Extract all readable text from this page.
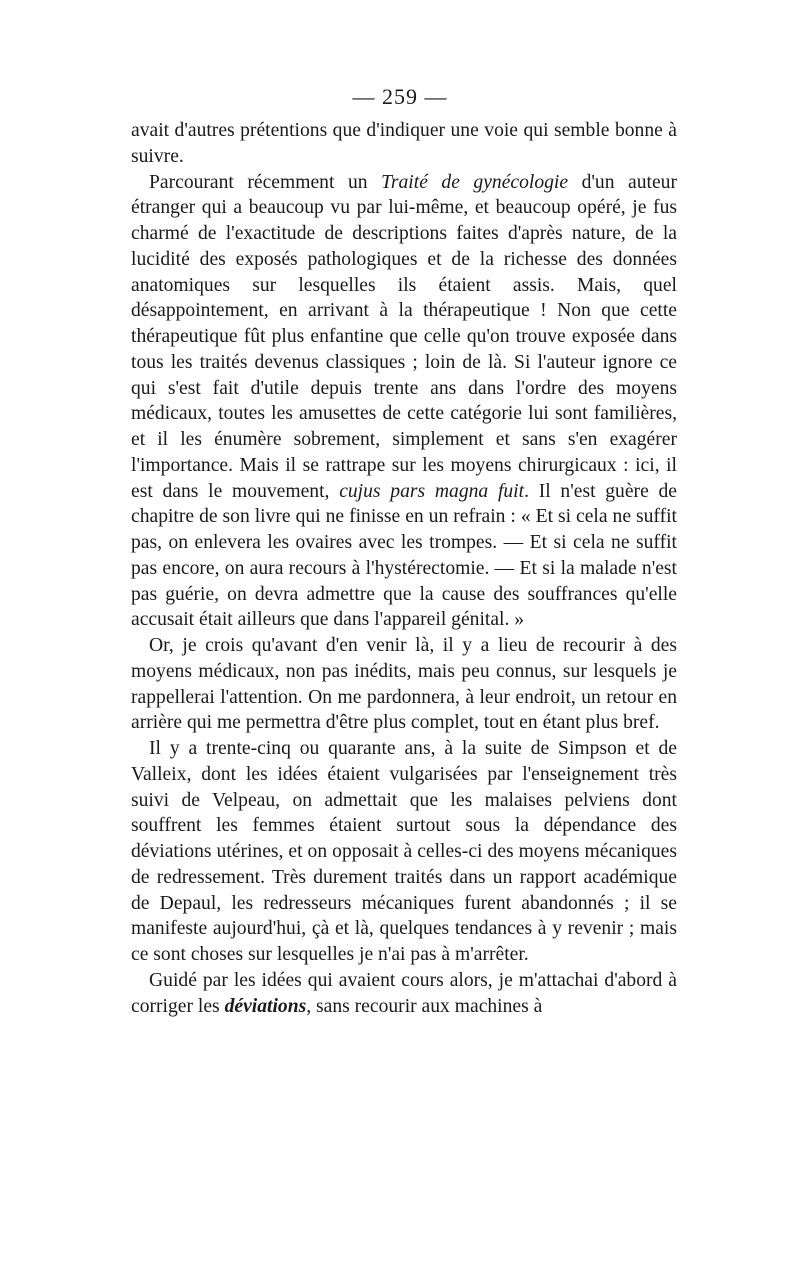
— 259 —

avait d'autres prétentions que d'indiquer une voie qui semble bonne à suivre.

Parcourant récemment un Traité de gynécologie d'un auteur étranger qui a beaucoup vu par lui-même, et beaucoup opéré, je fus charmé de l'exactitude de descriptions faites d'après nature, de la lucidité des exposés pathologiques et de la richesse des données anatomiques sur lesquelles ils étaient assis. Mais, quel désappointement, en arrivant à la thérapeutique ! Non que cette thérapeutique fût plus enfantine que celle qu'on trouve exposée dans tous les traités devenus classiques ; loin de là. Si l'auteur ignore ce qui s'est fait d'utile depuis trente ans dans l'ordre des moyens médicaux, toutes les amusettes de cette catégorie lui sont familières, et il les énumère sobrement, simplement et sans s'en exagérer l'importance. Mais il se rattrape sur les moyens chirurgicaux : ici, il est dans le mouvement, cujus pars magna fuit. Il n'est guère de chapitre de son livre qui ne finisse en un refrain : « Et si cela ne suffit pas, on enlevera les ovaires avec les trompes. — Et si cela ne suffit pas encore, on aura recours à l'hystérectomie. — Et si la malade n'est pas guérie, on devra admettre que la cause des souffrances qu'elle accusait était ailleurs que dans l'appareil génital. »

Or, je crois qu'avant d'en venir là, il y a lieu de recourir à des moyens médicaux, non pas inédits, mais peu connus, sur lesquels je rappellerai l'attention. On me pardonnera, à leur endroit, un retour en arrière qui me permettra d'être plus complet, tout en étant plus bref.

Il y a trente-cinq ou quarante ans, à la suite de Simpson et de Valleix, dont les idées étaient vulgarisées par l'enseignement très suivi de Velpeau, on admettait que les malaises pelviens dont souffrent les femmes étaient surtout sous la dépendance des déviations utérines, et on opposait à celles-ci des moyens mécaniques de redressement. Très durement traités dans un rapport académique de Depaul, les redresseurs mécaniques furent abandonnés ; il se manifeste aujourd'hui, çà et là, quelques tendances à y revenir ; mais ce sont choses sur lesquelles je n'ai pas à m'arrêter.

Guidé par les idées qui avaient cours alors, je m'attachai d'abord à corriger les déviations, sans recourir aux machines à
